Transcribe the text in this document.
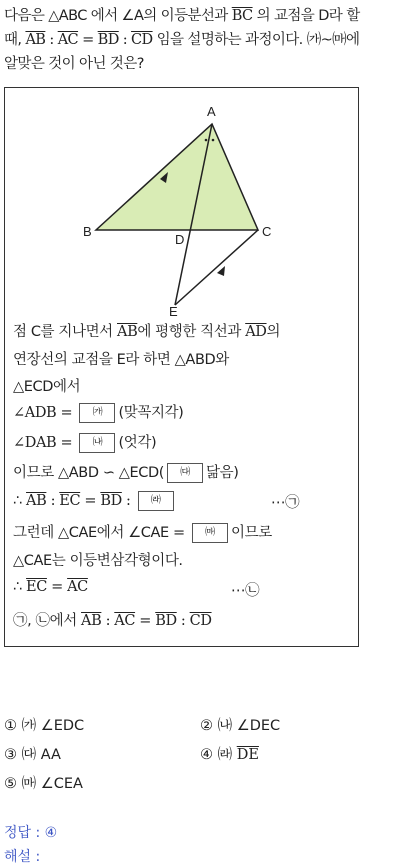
다음은 △ABC 에서 ∠A의 이등분선과 $\overline{BC}$ 의 교점을 D라 할
때, $\overline{AB}$ : $\overline{AC} = \overline{BD}$ : $\overline{CD}$ 임을 설명하는 과정이다. ㈎~㈒에
알맞은 것이 아닌 것은?
A
B	C
D
E
점 C를 지나면서 $\overline{AB}$에 평행한 직선과 $\overline{AD}$의
연장선의 교점을 E라 하면 △ABD와
△ECD에서
∠ADB = ㈎ (맞꼭지각)
∠DAB = ㈏ (엇각)
이므로 △ABD ∽ △ECD( ㈐ 닮음)
∴ $\overline{AB}$ : $\overline{EC} = \overline{BD}$ : ㈑	⋯㉠
그런데 △CAE에서 ∠CAE = ㈒ 이므로
△CAE는 이등변삼각형이다.
∴ $\overline{EC} = \overline{AC}$	⋯㉡
㉠, ㉡에서 $\overline{AB}$ : $\overline{AC} = \overline{BD}$ : $\overline{CD}$
① ㈎ ∠EDC	② ㈏ ∠DEC
③ ㈐ AA	④ ㈑ $\overline{DE}$
⑤ ㈒ ∠CEA
정답 : ④
해설 :
